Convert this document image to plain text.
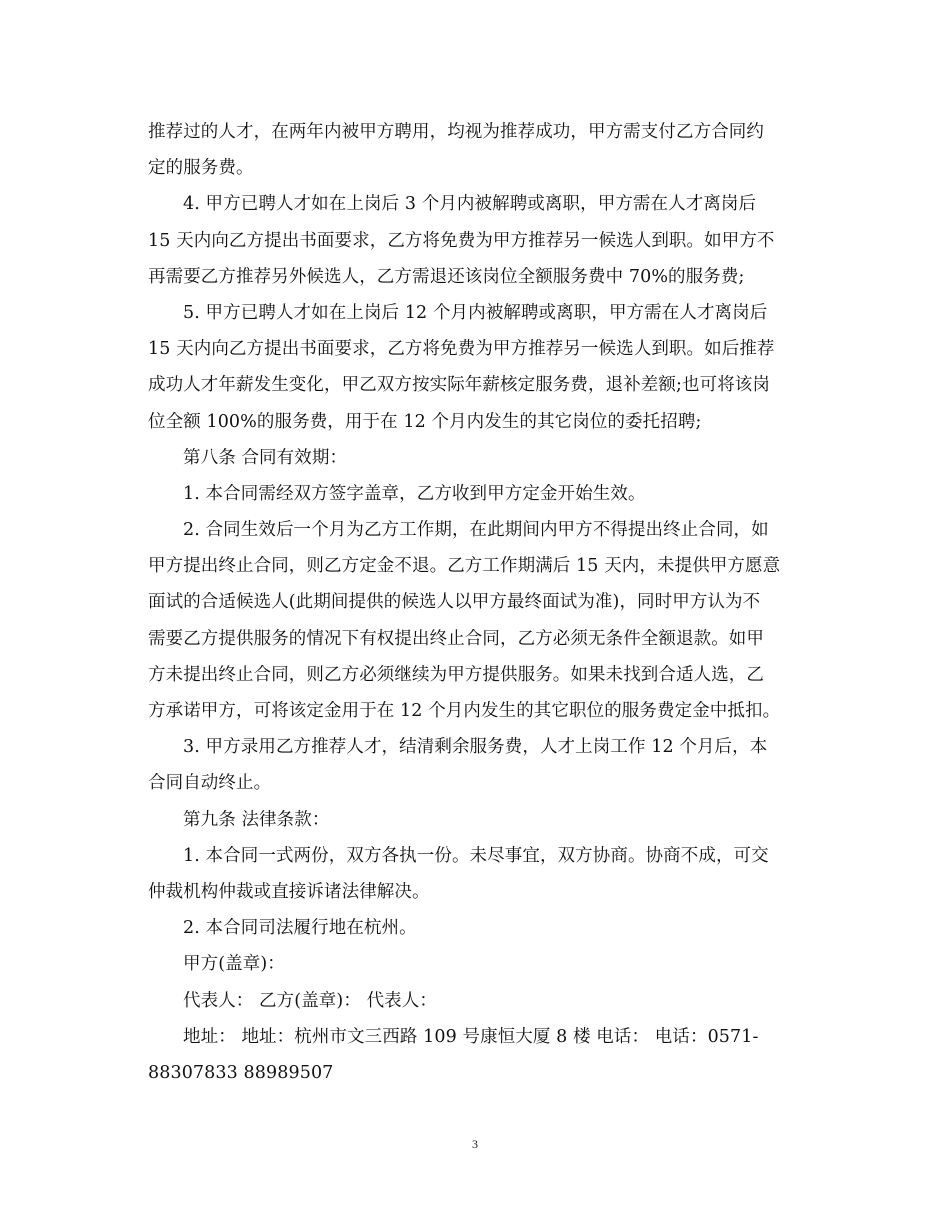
推荐过的人才，在两年内被甲方聘用，均视为推荐成功，甲方需支付乙方合同约
定的服务费。
4. 甲方已聘人才如在上岗后 3 个月内被解聘或离职，甲方需在人才离岗后
15 天内向乙方提出书面要求，乙方将免费为甲方推荐另一候选人到职。如甲方不
再需要乙方推荐另外候选人，乙方需退还该岗位全额服务费中 70%的服务费;
5. 甲方已聘人才如在上岗后 12 个月内被解聘或离职，甲方需在人才离岗后
15 天内向乙方提出书面要求，乙方将免费为甲方推荐另一候选人到职。如后推荐
成功人才年薪发生变化，甲乙双方按实际年薪核定服务费，退补差额;也可将该岗
位全额 100%的服务费，用于在 12 个月内发生的其它岗位的委托招聘;
第八条 合同有效期：
1. 本合同需经双方签字盖章，乙方收到甲方定金开始生效。
2. 合同生效后一个月为乙方工作期，在此期间内甲方不得提出终止合同，如
甲方提出终止合同，则乙方定金不退。乙方工作期满后 15 天内，未提供甲方愿意
面试的合适候选人(此期间提供的候选人以甲方最终面试为准)，同时甲方认为不
需要乙方提供服务的情况下有权提出终止合同，乙方必须无条件全额退款。如甲
方未提出终止合同，则乙方必须继续为甲方提供服务。如果未找到合适人选，乙
方承诺甲方，可将该定金用于在 12 个月内发生的其它职位的服务费定金中抵扣。
3. 甲方录用乙方推荐人才，结清剩余服务费，人才上岗工作 12 个月后，本
合同自动终止。
第九条 法律条款：
1. 本合同一式两份，双方各执一份。未尽事宜，双方协商。协商不成，可交
仲裁机构仲裁或直接诉诸法律解决。
2. 本合同司法履行地在杭州。
甲方(盖章)：
代表人： 乙方(盖章)： 代表人：
地址： 地址：杭州市文三西路 109 号康恒大厦 8 楼 电话： 电话：0571-
88307833 88989507
3
